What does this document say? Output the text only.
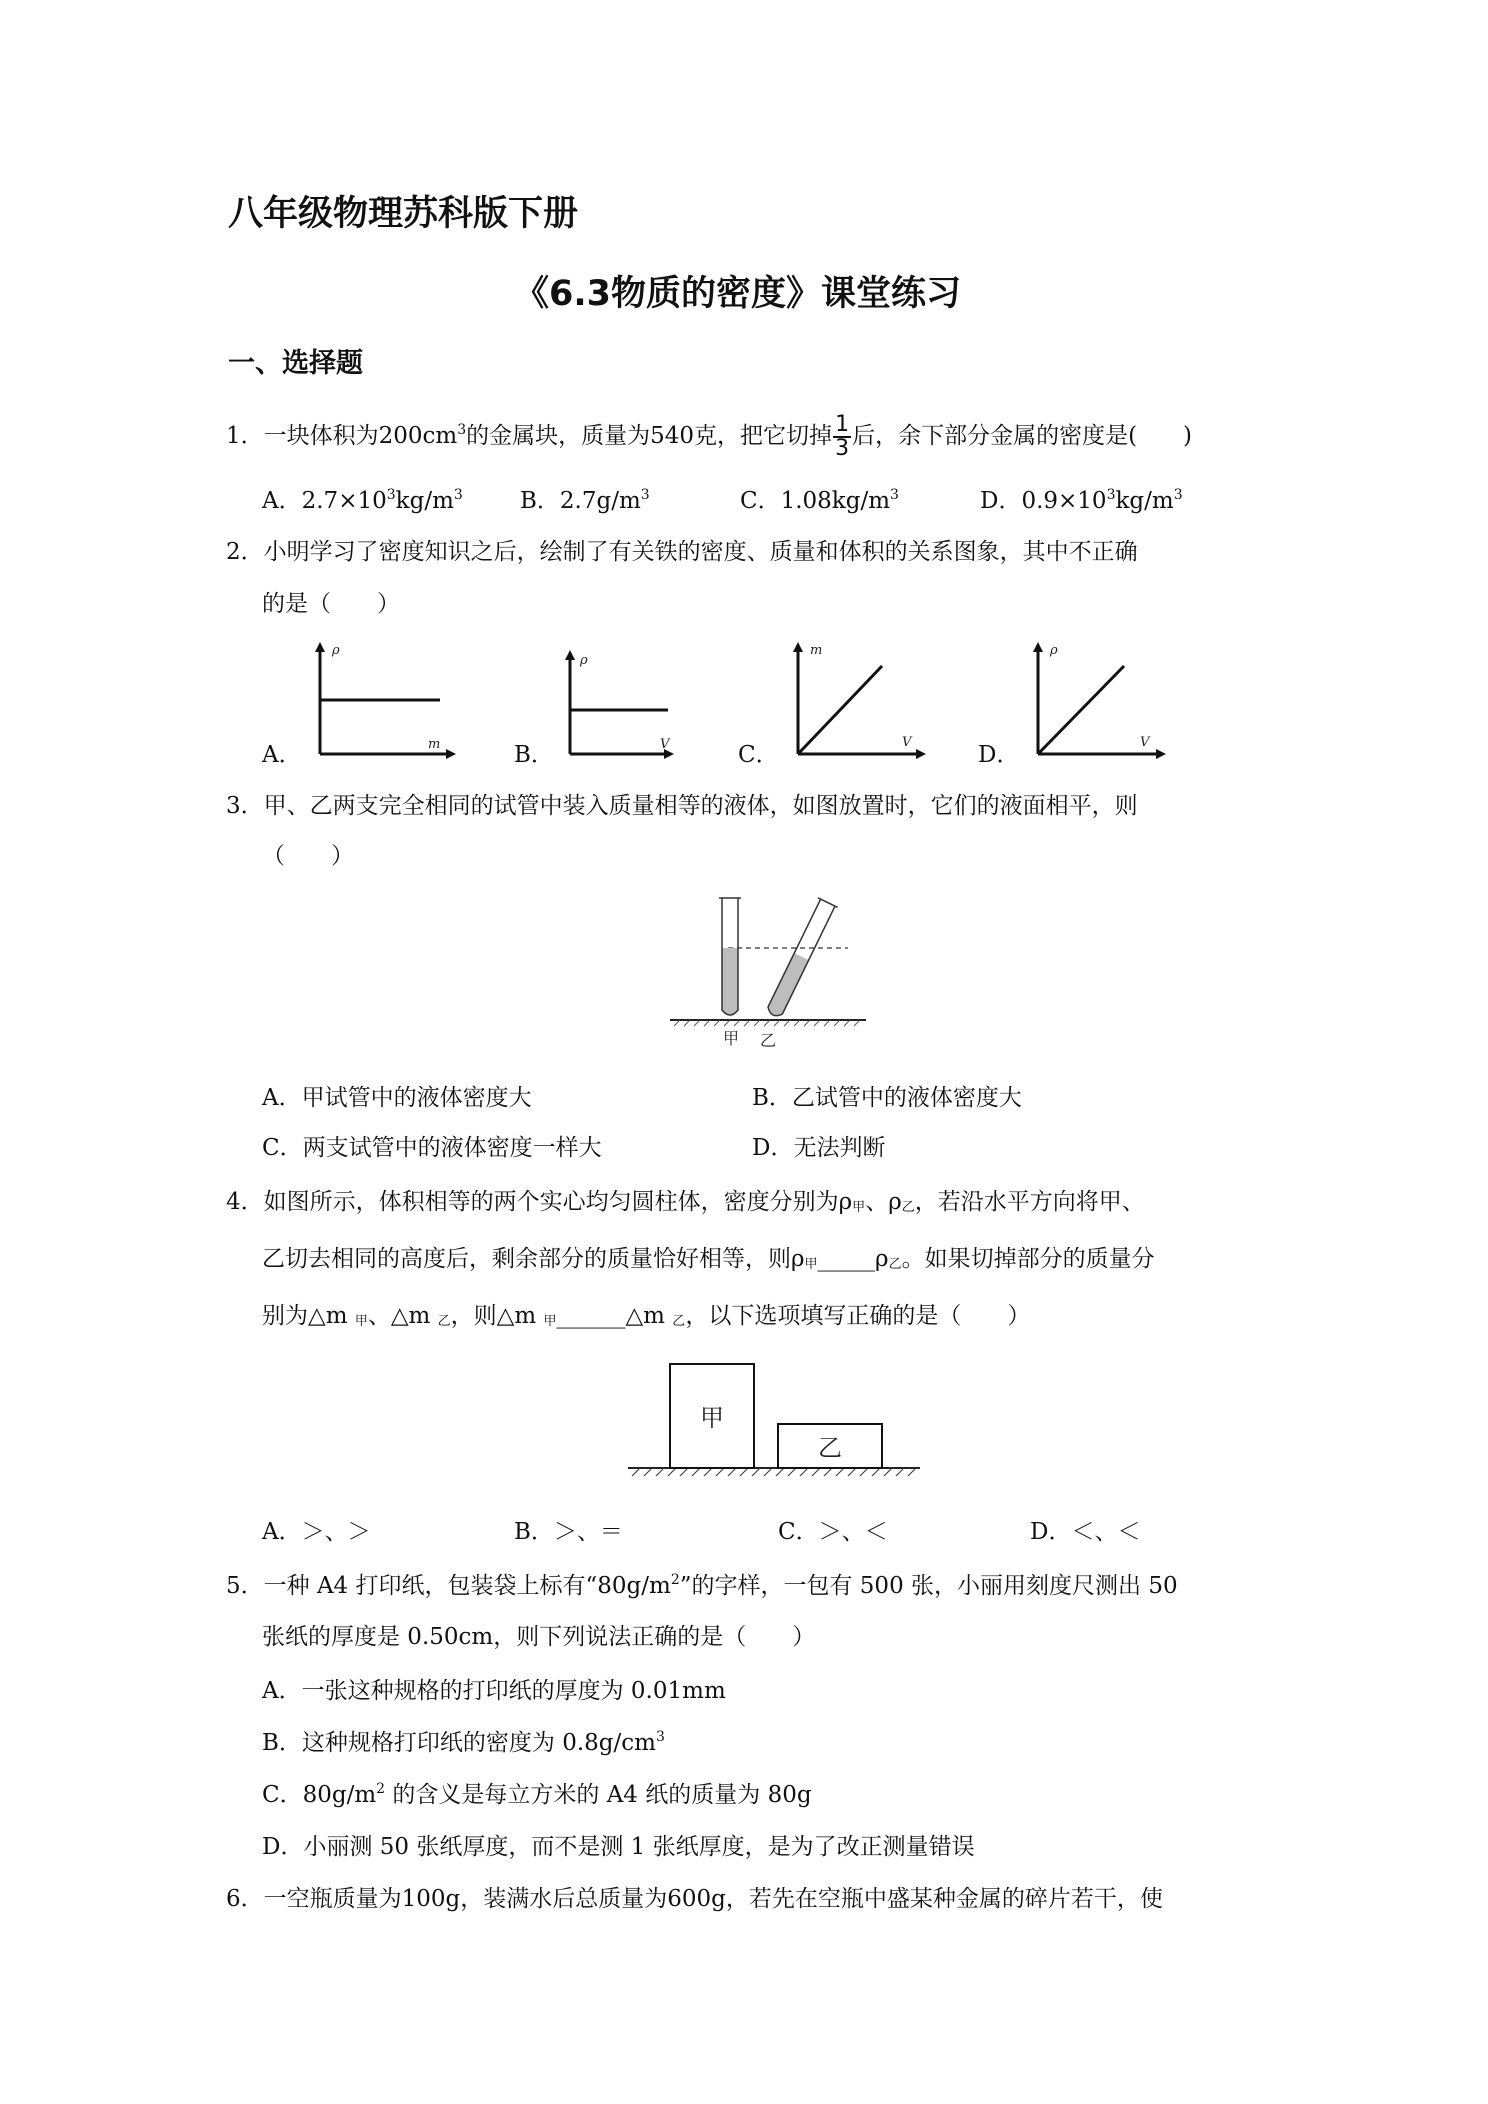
八年级物理苏科版下册
《6.3物质的密度》课堂练习
一、选择题
1．一块体积为$200cm^3$的金属块，质量为540克，把它切掉 $\frac{1}{3}$ 后，余下部分金属的密度是(　　)
A．$2.7\times 10^3kg/m^3$ B．$2.7g/m^3$	C．$1.08kg/m^3$	D．$0.9\times 10^3kg/m^3$
2．小明学习了密度知识之后，绘制了有关铁的密度、质量和体积的关系图象，其中不正确
的是（　　）
A．	B．	C．	D．
ρ
m
ρ
V
m
V
ρ
V
3．甲、乙两支完全相同的试管中装入质量相等的液体，如图放置时，它们的液面相平，则
（　　）
甲 乙
A．甲试管中的液体密度大	B．乙试管中的液体密度大
C．两支试管中的液体密度一样大	D．无法判断
4．如图所示，体积相等的两个实心均匀圆柱体，密度分别为ρ甲、ρ乙，若沿水平方向将甲、
乙切去相同的高度后，剩余部分的质量恰好相等，则ρ甲_____ρ乙。如果切掉部分的质量分
别为△m 甲、△m 乙，则△m 甲______△m 乙，以下选项填写正确的是（　　）
甲
乙
A．＞、＞	B．＞、＝	C．＞、＜	D．＜、＜
5．一种 A4 打印纸，包装袋上标有“$80g/m^2$”的字样，一包有 500 张，小丽用刻度尺测出 50
张纸的厚度是 0.50cm，则下列说法正确的是（　　）
A．一张这种规格的打印纸的厚度为 0.01mm
B．这种规格打印纸的密度为 $0.8g/cm^3$
C．$80g/m^2$ 的含义是每立方米的 A4 纸的质量为 80g
D．小丽测 50 张纸厚度，而不是测 1 张纸厚度，是为了改正测量错误
6．一空瓶质量为100g，装满水后总质量为600g，若先在空瓶中盛某种金属的碎片若干，使
